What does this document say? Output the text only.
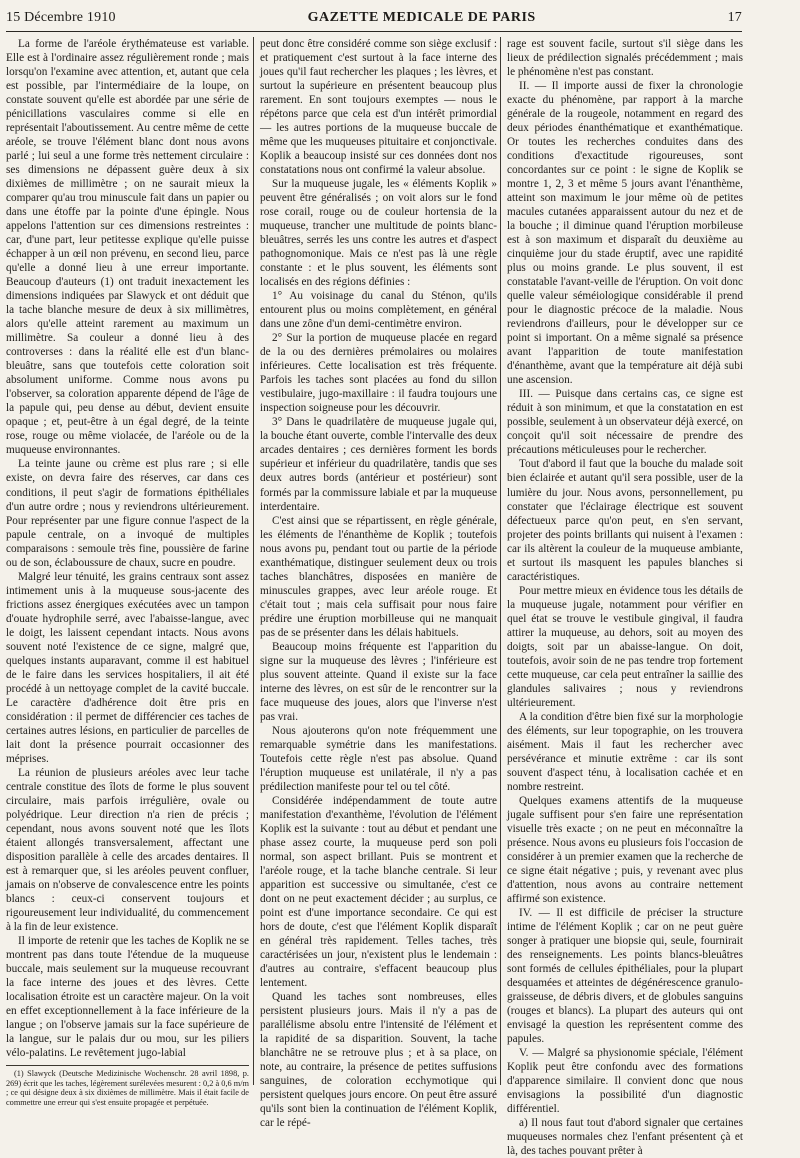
15 Décembre 1910	GAZETTE MEDICALE DE PARIS	17

La forme de l'aréole érythémateuse est variable. Elle est à l'ordinaire assez régulièrement ronde ; mais lorsqu'on l'examine avec attention, et, autant que cela est possible, par l'intermédiaire de la loupe, on constate souvent qu'elle est abordée par une série de pénicillations vasculaires comme si elle en représentait l'aboutissement. Au centre même de cette aréole, se trouve l'élément blanc dont nous avons parlé ; lui seul a une forme très nettement circulaire : ses dimensions ne dépassent guère deux à six dixièmes de millimètre ; on ne saurait mieux la comparer qu'au trou minuscule fait dans un papier ou dans une étoffe par la pointe d'une épingle. Nous appelons l'attention sur ces dimensions restreintes : car, d'une part, leur petitesse explique qu'elle puisse échapper à un œil non prévenu, en second lieu, parce qu'elle a donné lieu à une erreur importante. Beaucoup d'auteurs (1) ont traduit inexactement les dimensions indiquées par Slawyck et ont déduit que la tache blanche mesure de deux à six millimètres, alors qu'elle atteint rarement au maximum un millimètre. Sa couleur a donné lieu à des controverses : dans la réalité elle est d'un blanc-bleuâtre, sans que toutefois cette coloration soit absolument uniforme. Comme nous avons pu l'observer, sa coloration apparente dépend de l'âge de la papule qui, peu dense au début, devient ensuite opaque ; et, peut-être à un égal degré, de la teinte rose, rouge ou même violacée, de l'aréole ou de la muqueuse environnantes.

La teinte jaune ou crème est plus rare ; si elle existe, on devra faire des réserves, car dans ces conditions, il peut s'agir de formations épithéliales d'un autre ordre ; nous y reviendrons ultérieurement. Pour représenter par une figure connue l'aspect de la papule centrale, on a invoqué de multiples comparaisons : semoule très fine, poussière de farine ou de son, éclaboussure de chaux, sucre en poudre.

Malgré leur ténuité, les grains centraux sont assez intimement unis à la muqueuse sous-jacente des frictions assez énergiques exécutées avec un tampon d'ouate hydrophile serré, avec l'abaisse-langue, avec le doigt, les laissent cependant intacts. Nous avons souvent noté l'existence de ce signe, malgré que, quelques instants auparavant, comme il est habituel de le faire dans les services hospitaliers, il ait été procédé à un nettoyage complet de la cavité buccale. Le caractère d'adhérence doit être pris en considération : il permet de différencier ces taches de certaines autres lésions, en particulier de parcelles de lait dont la présence pourrait occasionner des méprises.

La réunion de plusieurs aréoles avec leur tache centrale constitue des îlots de forme le plus souvent circulaire, mais parfois irrégulière, ovale ou polyédrique. Leur direction n'a rien de précis ; cependant, nous avons souvent noté que les îlots étaient allongés transversalement, affectant une disposition parallèle à celle des arcades dentaires. Il est à remarquer que, si les aréoles peuvent confluer, jamais on n'observe de convalescence entre les points blancs : ceux-ci conservent toujours et rigoureusement leur individualité, du commencement à la fin de leur existence.

Il importe de retenir que les taches de Koplik ne se montrent pas dans toute l'étendue de la muqueuse buccale, mais seulement sur la muqueuse recouvrant la face interne des joues et des lèvres. Cette localisation étroite est un caractère majeur. On la voit en effet exceptionnellement à la face inférieure de la langue ; on l'observe jamais sur la face supérieure de la langue, sur le palais dur ou mou, sur les piliers vélo-palatins. Le revêtement jugo-labial

(1) Slawyck (Deutsche Medizinische Wochenschr. 28 avril 1898, p. 269) écrit que les taches, légèrement surélevées mesurent : 0,2 à 0,6 m/m ; ce qui désigne deux à six dixièmes de millimètre. Mais il était facile de commettre une erreur qui s'est ensuite propagée et perpétuée.

peut donc être considéré comme son siège exclusif : et pratiquement c'est surtout à la face interne des joues qu'il faut rechercher les plaques ; les lèvres, et surtout la supérieure en présentent beaucoup plus rarement. En sont toujours exemptes — nous le répétons parce que cela est d'un intérêt primordial — les autres portions de la muqueuse buccale de même que les muqueuses pituitaire et conjonctivale. Koplik a beaucoup insisté sur ces données dont nos constatations nous ont confirmé la valeur absolue.

Sur la muqueuse jugale, les « éléments Koplik » peuvent être généralisés ; on voit alors sur le fond rose corail, rouge ou de couleur hortensia de la muqueuse, trancher une multitude de points blanc-bleuâtres, serrés les uns contre les autres et d'aspect pathognomonique. Mais ce n'est pas là une règle constante : et le plus souvent, les éléments sont localisés en des régions définies :

1° Au voisinage du canal du Sténon, qu'ils entourent plus ou moins complètement, en général dans une zône d'un demi-centimètre environ.

2° Sur la portion de muqueuse placée en regard de la ou des dernières prémolaires ou molaires inférieures. Cette localisation est très fréquente. Parfois les taches sont placées au fond du sillon vestibulaire, jugo-maxillaire : il faudra toujours une inspection soigneuse pour les découvrir.

3° Dans le quadrilatère de muqueuse jugale qui, la bouche étant ouverte, comble l'intervalle des deux arcades dentaires ; ces dernières forment les bords supérieur et inférieur du quadrilatère, tandis que ses deux autres bords (antérieur et postérieur) sont formés par la commissure labiale et par la muqueuse interdentaire.

C'est ainsi que se répartissent, en règle générale, les éléments de l'énanthème de Koplik ; toutefois nous avons pu, pendant tout ou partie de la période exanthématique, distinguer seulement deux ou trois taches blanchâtres, disposées en manière de minuscules grappes, avec leur aréole rouge. Et c'était tout ; mais cela suffisait pour nous faire prédire une éruption morbilleuse qui ne manquait pas de se présenter dans les délais habituels.

Beaucoup moins fréquente est l'apparition du signe sur la muqueuse des lèvres ; l'inférieure est plus souvent atteinte. Quand il existe sur la face interne des lèvres, on est sûr de le rencontrer sur la face muqueuse des joues, alors que l'inverse n'est pas vrai.

Nous ajouterons qu'on note fréquemment une remarquable symétrie dans les manifestations. Toutefois cette règle n'est pas absolue. Quand l'éruption muqueuse est unilatérale, il n'y a pas prédilection manifeste pour tel ou tel côté.

Considérée indépendamment de toute autre manifestation d'exanthème, l'évolution de l'élément Koplik est la suivante : tout au début et pendant une phase assez courte, la muqueuse perd son poli normal, son aspect brillant. Puis se montrent et l'aréole rouge, et la tache blanche centrale. Si leur apparition est successive ou simultanée, c'est ce dont on ne peut exactement décider ; au surplus, ce point est d'une importance secondaire. Ce qui est hors de doute, c'est que l'élément Koplik disparaît en général très rapidement. Telles taches, très caractérisées un jour, n'existent plus le lendemain : d'autres au contraire, s'effacent beaucoup plus lentement.

Quand les taches sont nombreuses, elles persistent plusieurs jours. Mais il n'y a pas de parallélisme absolu entre l'intensité de l'élément et la rapidité de sa disparition. Souvent, la tache blanchâtre ne se retrouve plus ; et à sa place, on note, au contraire, la présence de petites suffusions sanguines, de coloration ecchymotique qui persistent quelques jours encore. On peut être assuré qu'ils sont bien la continuation de l'élément Koplik, car le répé-

rage est souvent facile, surtout s'il siège dans les lieux de prédilection signalés précédemment ; mais le phénomène n'est pas constant.

II. — Il importe aussi de fixer la chronologie exacte du phénomène, par rapport à la marche générale de la rougeole, notamment en regard des deux périodes énanthématique et exanthématique. Or toutes les recherches conduites dans des conditions d'exactitude rigoureuses, sont concordantes sur ce point : le signe de Koplik se montre 1, 2, 3 et même 5 jours avant l'énanthème, atteint son maximum le jour même où de petites macules cutanées apparaissent autour du nez et de la bouche ; il diminue quand l'éruption morbileuse est à son maximum et disparaît du deuxième au cinquième jour du stade éruptif, avec une rapidité plus ou moins grande. Le plus souvent, il est constatable l'avant-veille de l'éruption. On voit donc quelle valeur séméiologique considérable il prend pour le diagnostic précoce de la maladie. Nous reviendrons d'ailleurs, pour le développer sur ce point si important. On a même signalé sa présence avant l'apparition de toute manifestation d'énanthème, avant que la température ait déjà subi une ascension.

III. — Puisque dans certains cas, ce signe est réduit à son minimum, et que la constatation en est possible, seulement à un observateur déjà exercé, on conçoit qu'il soit nécessaire de prendre des précautions méticuleuses pour le rechercher.

Tout d'abord il faut que la bouche du malade soit bien éclairée et autant qu'il sera possible, user de la lumière du jour. Nous avons, personnellement, pu constater que l'éclairage électrique est souvent défectueux parce qu'on peut, en s'en servant, projeter des points brillants qui nuisent à l'examen : car ils altèrent la couleur de la muqueuse ambiante, et surtout ils masquent les papules blanches si caractéristiques.

Pour mettre mieux en évidence tous les détails de la muqueuse jugale, notamment pour vérifier en quel état se trouve le vestibule gingival, il faudra attirer la muqueuse, au dehors, soit au moyen des doigts, soit par un abaisse-langue. On doit, toutefois, avoir soin de ne pas tendre trop fortement cette muqueuse, car cela peut entraîner la saillie des glandules salivaires ; nous y reviendrons ultérieurement.

A la condition d'être bien fixé sur la morphologie des éléments, sur leur topographie, on les trouvera aisément. Mais il faut les rechercher avec persévérance et minutie extrême : car ils sont souvent d'aspect ténu, à localisation cachée et en nombre restreint.

Quelques examens attentifs de la muqueuse jugale suffisent pour s'en faire une représentation visuelle très exacte ; on ne peut en méconnaître la présence. Nous avons eu plusieurs fois l'occasion de considérer à un premier examen que la recherche de ce signe était négative ; puis, y revenant avec plus d'attention, nous avons au contraire nettement affirmé son existence.

IV. — Il est difficile de préciser la structure intime de l'élément Koplik ; car on ne peut guère songer à pratiquer une biopsie qui, seule, fournirait des renseignements. Les points blancs-bleuâtres sont formés de cellules épithéliales, pour la plupart desquamées et atteintes de dégénérescence granulo-graisseuse, de débris divers, et de globules sanguins (rouges et blancs). La plupart des auteurs qui ont envisagé la question les représentent comme des papules.

V. — Malgré sa physionomie spéciale, l'élément Koplik peut être confondu avec des formations d'apparence similaire. Il convient donc que nous envisagions la possibilité d'un diagnostic différentiel.

a) Il nous faut tout d'abord signaler que certaines muqueuses normales chez l'enfant présentent çà et là, des taches pouvant prêter à
